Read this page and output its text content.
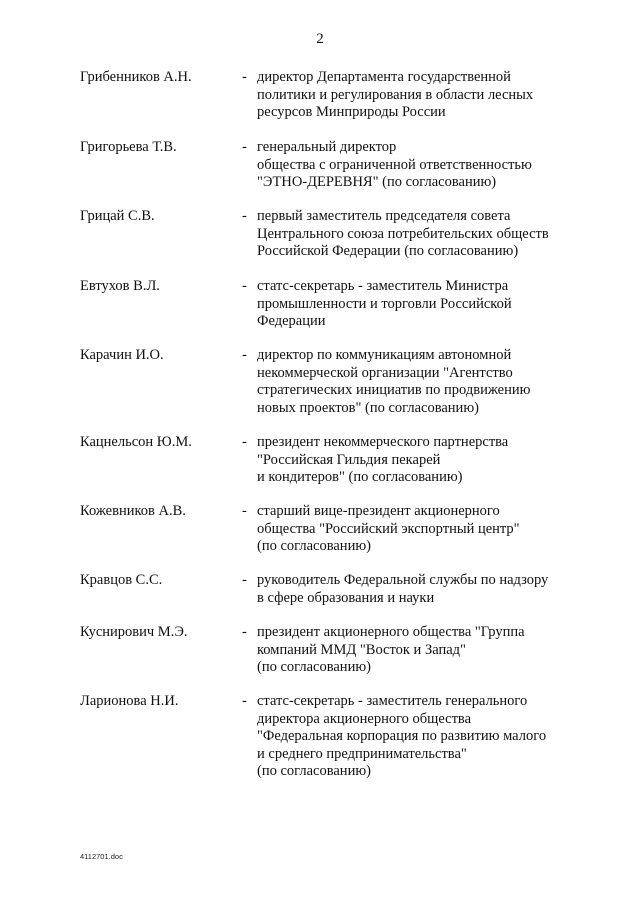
2
Грибенников А.Н.	- директор Департамента государственной
политики и регулирования в области лесных
ресурсов Минприроды России
Григорьева Т.В.	- генеральный директор
общества с ограниченной ответственностью
"ЭТНО-ДЕРЕВНЯ" (по согласованию)
Грицай С.В.	- первый заместитель председателя совета
Центрального союза потребительских обществ
Российской Федерации (по согласованию)
Евтухов В.Л.	- статс-секретарь - заместитель Министра
промышленности и торговли Российской
Федерации
Карачин И.О.	- директор по коммуникациям автономной
некоммерческой организации "Агентство
стратегических инициатив по продвижению
новых проектов" (по согласованию)
Кацнельсон Ю.М.	- президент некоммерческого партнерства
"Российская Гильдия пекарей
и кондитеров" (по согласованию)
Кожевников А.В.	- старший вице-президент акционерного
общества "Российский экспортный центр"
(по согласованию)
Кравцов С.С.	- руководитель Федеральной службы по надзору
в сфере образования и науки
Куснирович М.Э.	- президент акционерного общества "Группа
компаний ММД "Восток и Запад"
(по согласованию)
Ларионова Н.И.	- статс-секретарь - заместитель генерального
директора акционерного общества
"Федеральная корпорация по развитию малого
и среднего предпринимательства"
(по согласованию)
4112701.doc
